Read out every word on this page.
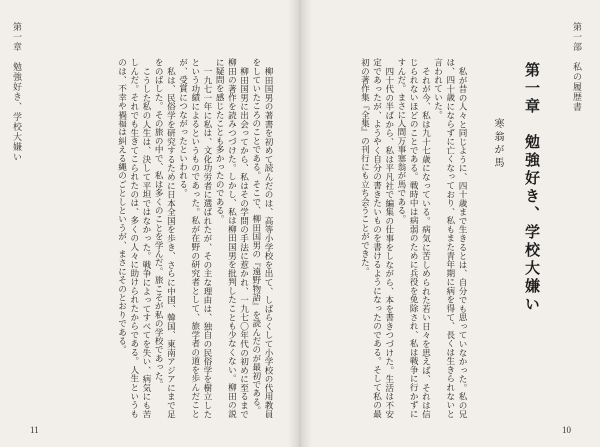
第一章　勉強好き、学校大嫌い	柳田国男の著書を初めて読んだのは、高等小学校を出て、しばらくして小学校の代用教員をしていたころのことである。そこで、柳田国男の『遠野物語』を読んだのが最初である。

柳田国男に出会ってから、私はその学問の手法に惹かれ、一九七〇年代の初めに至るまで柳田の著作を読みつづけた。しかし、私は柳田国男を批判したことも少なくない。柳田の説に疑問を感じたことも多かったのである。

一九七一年に私は、文化功労者に選ばれたが、その主な理由は、独自の民俗学を樹立したという功績によるというものであった。私が在野の研究者として、旅学者の道を歩んだことが、受賞につながったといわれる。

私は、民俗学を研究するために日本全国を歩き、さらに中国、韓国、東南アジアにまで足をのばした。その旅の中で、私は多くのことを学んだ。旅こそが私の学校であった。

こうした私の人生は、決して平坦ではなかった。戦争によってすべてを失い、病気にも苦しんだ。それでも生きてこられたのは、多くの人々に助けられたからである。人生というものは、不幸や禍福は糾える縄のごとしというが、まさにそのとおりである。

11
第一部　私の履歴書
第一章　勉強好き、学校大嫌い
寒翁が馬

私が昔の人々と同じように、四十歳まで生きるとは、自分でも思っていなかった。私の兄は、四十歳にならずに亡くなっており、私もまた青年期に病を得て、長くは生きられないと言われていた。

それが今、私は九十七歳になっている。病気に苦しめられた若い日々を思えば、それは信じられないほどのことである。戦時中は病弱のために兵役を免除され、私は戦争に行かずにすんだ。まさに人間万事塞翁が馬である。

四十代の半ばから、私は平凡社で編集の仕事をしながら、本を書きつづけた。生活は不安定であったが、ようやく自分の書きたいものを書けるようになったのである。そして私の最初の著作集『全集』の刊行にも立ち会うことができた。

10
